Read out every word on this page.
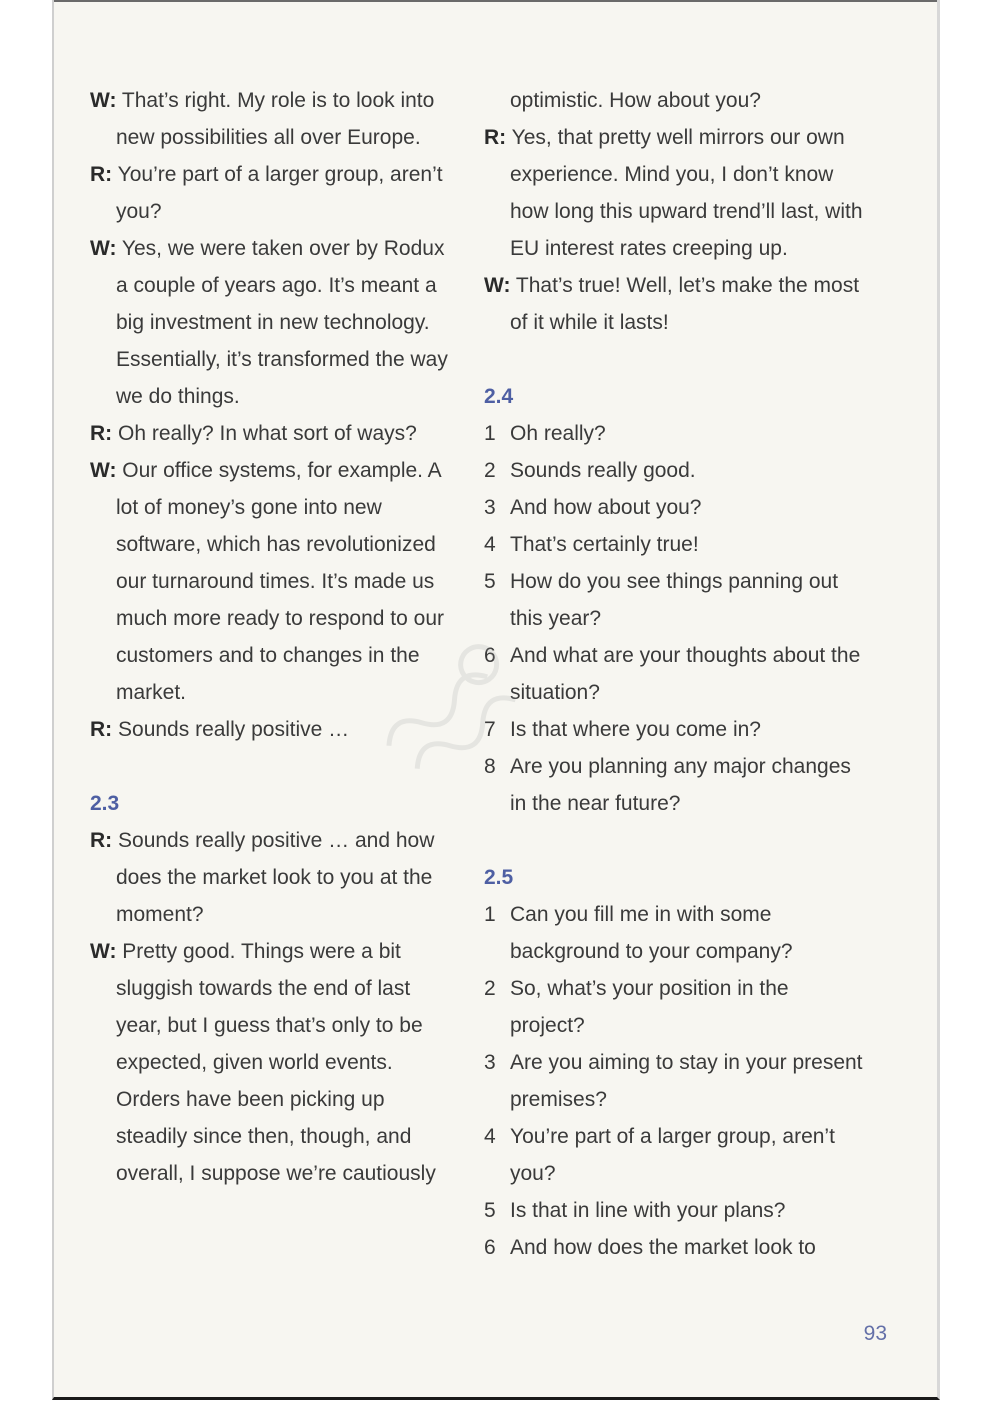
W: That’s right. My role is to look into new possibilities all over Europe.

R: You’re part of a larger group, aren’t you?

W: Yes, we were taken over by Rodux a couple of years ago. It’s meant a big investment in new technology. Essentially, it’s transformed the way we do things.

R: Oh really? In what sort of ways?

W: Our office systems, for example. A lot of money’s gone into new software, which has revolutionized our turnaround times. It’s made us much more ready to respond to our customers and to changes in the market.

R: Sounds really positive …

2.3

R: Sounds really positive … and how does the market look to you at the moment?

W: Pretty good. Things were a bit sluggish towards the end of last year, but I guess that’s only to be expected, given world events. Orders have been picking up steadily since then, though, and overall, I suppose we’re cautiously

optimistic. How about you?

R: Yes, that pretty well mirrors our own experience. Mind you, I don’t know how long this upward trend’ll last, with EU interest rates creeping up.

W: That’s true! Well, let’s make the most of it while it lasts!

2.4

1 Oh really?
2 Sounds really good.
3 And how about you?
4 That’s certainly true!
5 How do you see things panning out this year?
6 And what are your thoughts about the situation?
7 Is that where you come in?
8 Are you planning any major changes in the near future?

2.5

1 Can you fill me in with some background to your company?
2 So, what’s your position in the project?
3 Are you aiming to stay in your present premises?
4 You’re part of a larger group, aren’t you?
5 Is that in line with your plans?
6 And how does the market look to
93
